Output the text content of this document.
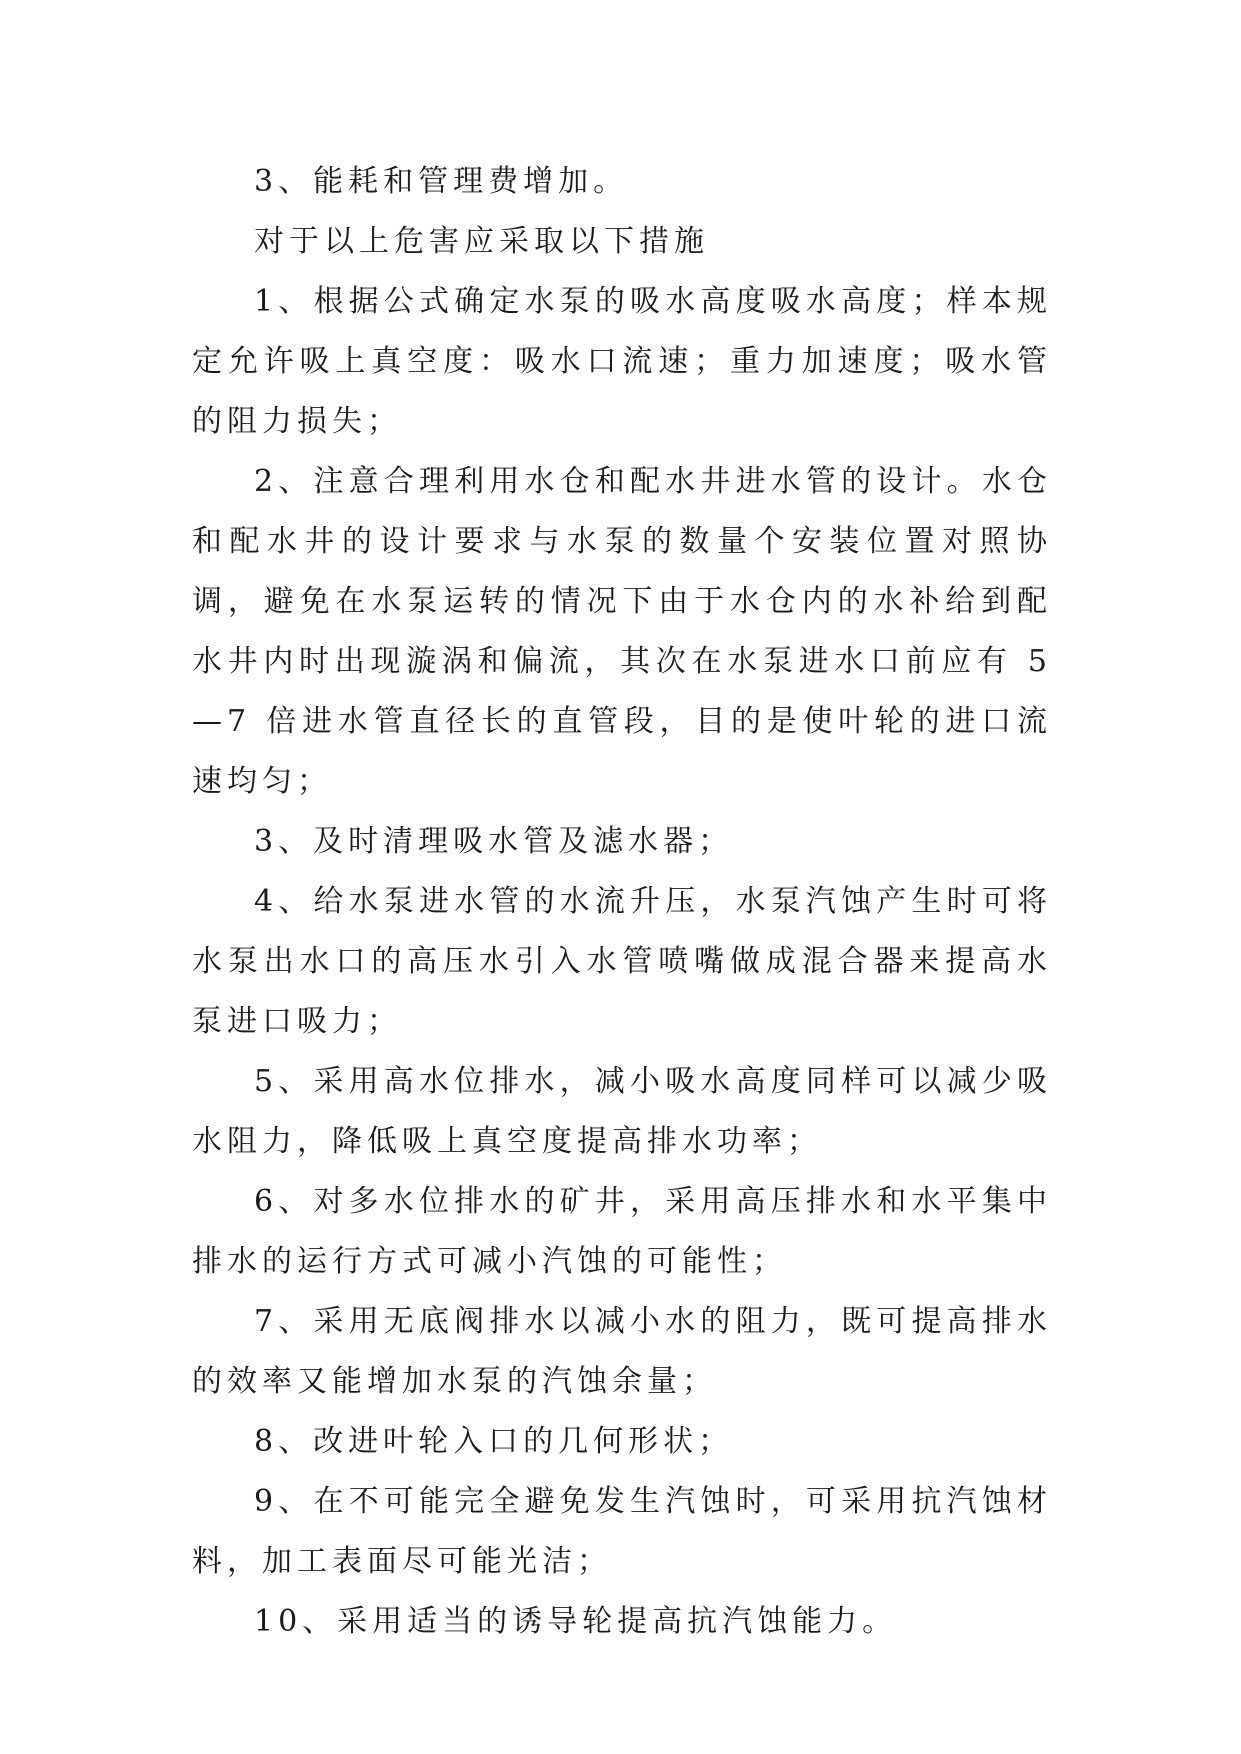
3、能耗和管理费增加。

对于以上危害应采取以下措施

1、根据公式确定水泵的吸水高度吸水高度；样本规定允许吸上真空度：吸水口流速；重力加速度；吸水管的阻力损失；

2、注意合理利用水仓和配水井进水管的设计。水仓和配水井的设计要求与水泵的数量个安装位置对照协调，避免在水泵运转的情况下由于水仓内的水补给到配水井内时出现漩涡和偏流，其次在水泵进水口前应有 5—7 倍进水管直径长的直管段，目的是使叶轮的进口流速均匀；

3、及时清理吸水管及滤水器；

4、给水泵进水管的水流升压，水泵汽蚀产生时可将水泵出水口的高压水引入水管喷嘴做成混合器来提高水泵进口吸力；

5、采用高水位排水，减小吸水高度同样可以减少吸水阻力，降低吸上真空度提高排水功率；

6、对多水位排水的矿井，采用高压排水和水平集中排水的运行方式可减小汽蚀的可能性；

7、采用无底阀排水以减小水的阻力，既可提高排水的效率又能增加水泵的汽蚀余量；

8、改进叶轮入口的几何形状；

9、在不可能完全避免发生汽蚀时，可采用抗汽蚀材料，加工表面尽可能光洁；

10、采用适当的诱导轮提高抗汽蚀能力。
